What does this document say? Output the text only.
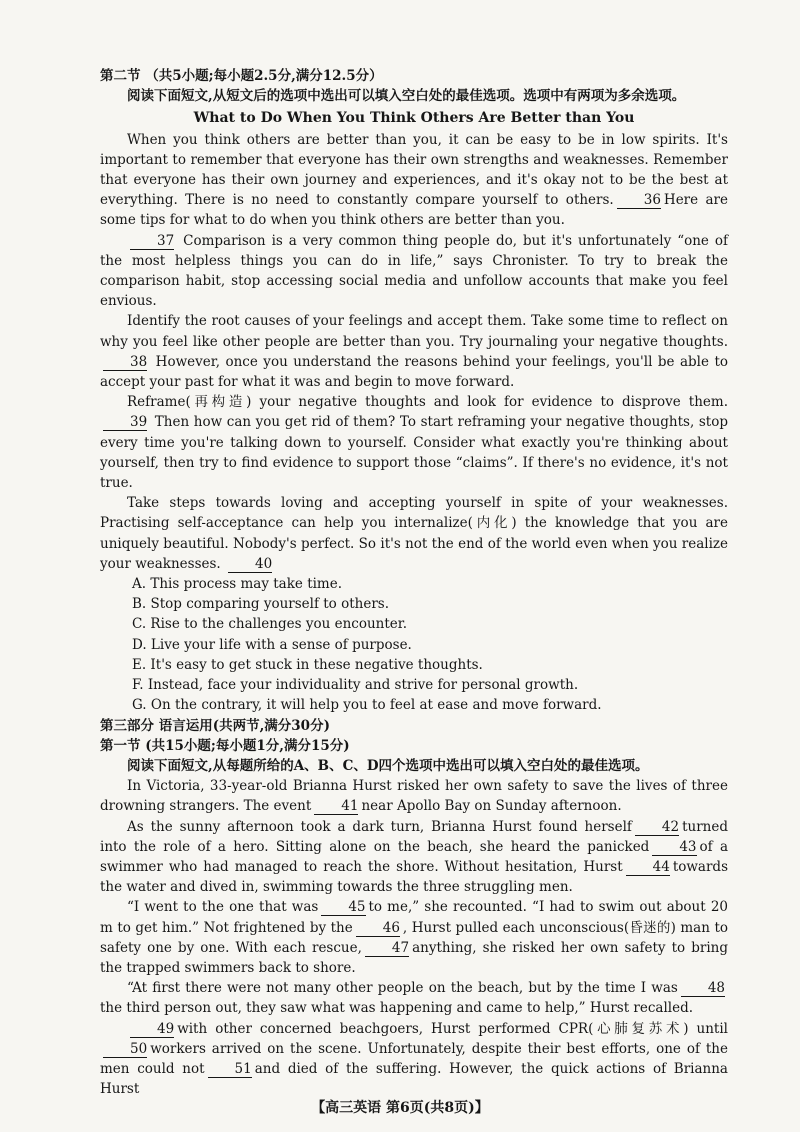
第二节 （共5小题;每小题2.5分,满分12.5分）

阅读下面短文,从短文后的选项中选出可以填入空白处的最佳选项。选项中有两项为多余选项。

What to Do When You Think Others Are Better than You

When you think others are better than you, it can be easy to be in low spirits. It's important to remember that everyone has their own strengths and weaknesses. Remember that everyone has their own journey and experiences, and it's okay not to be the best at everything. There is no need to constantly compare yourself to others. 36 Here are some tips for what to do when you think others are better than you.

37 Comparison is a very common thing people do, but it's unfortunately “one of the most helpless things you can do in life,” says Chronister. To try to break the comparison habit, stop accessing social media and unfollow accounts that make you feel envious.

Identify the root causes of your feelings and accept them. Take some time to reflect on why you feel like other people are better than you. Try journaling your negative thoughts. 38 However, once you understand the reasons behind your feelings, you'll be able to accept your past for what it was and begin to move forward.

Reframe(再构造) your negative thoughts and look for evidence to disprove them. 39 Then how can you get rid of them? To start reframing your negative thoughts, stop every time you're talking down to yourself. Consider what exactly you're thinking about yourself, then try to find evidence to support those “claims”. If there's no evidence, it's not true.

Take steps towards loving and accepting yourself in spite of your weaknesses. Practising self-acceptance can help you internalize(内化) the knowledge that you are uniquely beautiful. Nobody's perfect. So it's not the end of the world even when you realize your weaknesses.	40

A. This process may take time.

B. Stop comparing yourself to others.

C. Rise to the challenges you encounter.

D. Live your life with a sense of purpose.

E. It's easy to get stuck in these negative thoughts.

F. Instead, face your individuality and strive for personal growth.

G. On the contrary, it will help you to feel at ease and move forward.

第三部分 语言运用(共两节,满分30分)

第一节 (共15小题;每小题1分,满分15分)

阅读下面短文,从每题所给的A、B、C、D四个选项中选出可以填入空白处的最佳选项。

In Victoria, 33-year-old Brianna Hurst risked her own safety to save the lives of three drowning strangers. The event 41 near Apollo Bay on Sunday afternoon.

As the sunny afternoon took a dark turn, Brianna Hurst found herself 42 turned into the role of a hero. Sitting alone on the beach, she heard the panicked 43 of a swimmer who had managed to reach the shore. Without hesitation, Hurst 44 towards the water and dived in, swimming towards the three struggling men.

“I went to the one that was 45 to me,” she recounted. “I had to swim out about 20 m to get him.” Not frightened by the 46 , Hurst pulled each unconscious(昏迷的) man to safety one by one. With each rescue, 47 anything, she risked her own safety to bring the trapped swimmers back to shore.

“At first there were not many other people on the beach, but by the time I was 48the third person out, they saw what was happening and came to help,” Hurst recalled.

49 with other concerned beachgoers, Hurst performed CPR(心肺复苏术) until50 workers arrived on the scene. Unfortunately, despite their best efforts, one of the men could not 51 and died of the suffering. However, the quick actions of Brianna Hurst

【高三英语 第6页(共8页)】
